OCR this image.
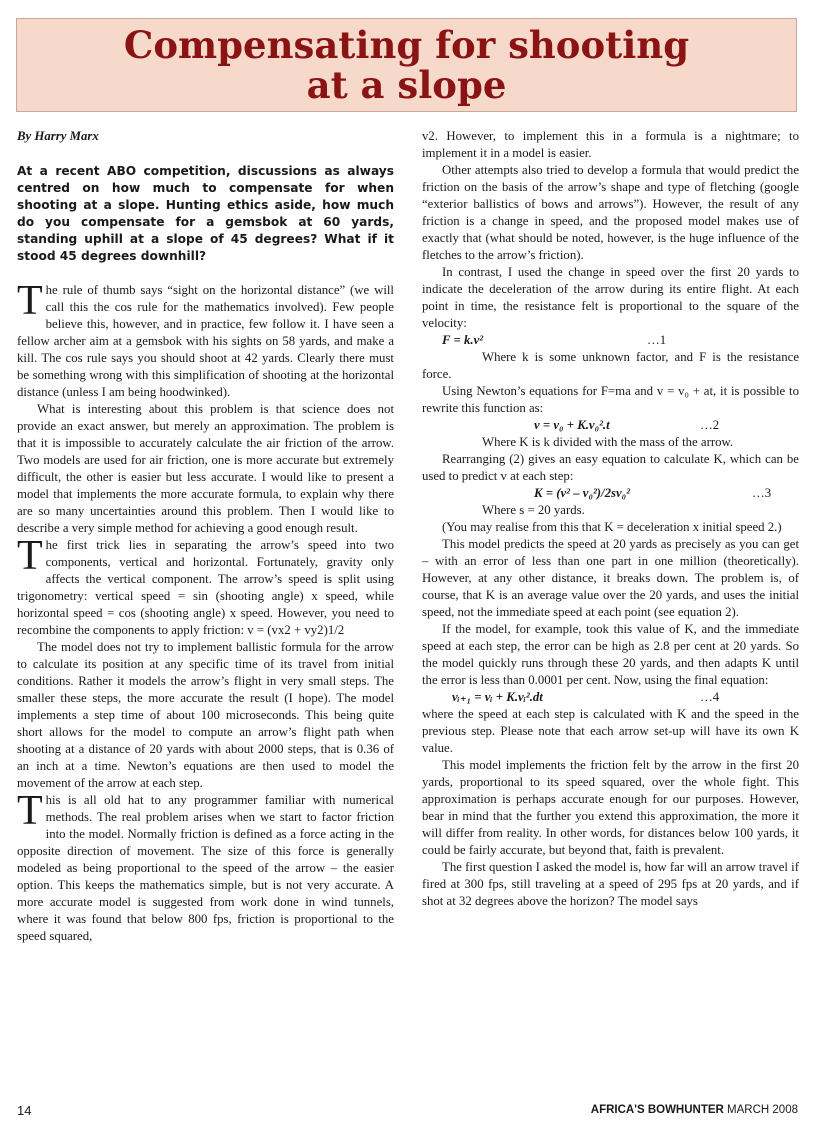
Compensating for shooting
at a slope

By Harry Marx

At a recent ABO competition, discussions as always centred on how much to compensate for when shooting at a slope. Hunting ethics aside, how much do you compensate for a gemsbok at 60 yards, standing uphill at a slope of 45 degrees? What if it stood 45 degrees downhill?

The rule of thumb says “sight on the horizontal distance” (we will call this the cos rule for the mathematics involved). Few people believe this, however, and in practice, few follow it. I have seen a fellow archer aim at a gemsbok with his sights on 58 yards, and make a kill. The cos rule says you should shoot at 42 yards. Clearly there must be something wrong with this simplification of shooting at the horizontal distance (unless I am being hoodwinked).

What is interesting about this problem is that science does not provide an exact answer, but merely an approximation. The problem is that it is impossible to accurately calculate the air friction of the arrow. Two models are used for air friction, one is more accurate but extremely difficult, the other is easier but less accurate. I would like to present a model that implements the more accurate formula, to explain why there are so many uncertainties around this problem. Then I would like to describe a very simple method for achieving a good enough result.

The first trick lies in separating the arrow’s speed into two components, vertical and horizontal. Fortunately, gravity only affects the vertical component. The arrow’s speed is split using trigonometry: vertical speed = sin (shooting angle) x speed, while horizontal speed = cos (shooting angle) x speed. However, you need to recombine the components to apply friction: v = (vx2 + vy2)1/2

The model does not try to implement ballistic formula for the arrow to calculate its position at any specific time of its travel from initial conditions. Rather it models the arrow’s flight in very small steps. The smaller these steps, the more accurate the result (I hope). The model implements a step time of about 100 microseconds. This being quite short allows for the model to compute an arrow’s flight path when shooting at a distance of 20 yards with about 2000 steps, that is 0.36 of an inch at a time. Newton’s equations are then used to model the movement of the arrow at each step.

This is all old hat to any programmer familiar with numerical methods. The real problem arises when we start to factor friction into the model. Normally friction is defined as a force acting in the opposite direction of movement. The size of this force is generally modeled as being proportional to the speed of the arrow – the easier option. This keeps the mathematics simple, but is not very accurate. A more accurate model is suggested from work done in wind tunnels, where it was found that below 800 fps, friction is proportional to the speed squared,

v2. However, to implement this in a formula is a nightmare; to implement it in a model is easier.

Other attempts also tried to develop a formula that would predict the friction on the basis of the arrow’s shape and type of fletching (google “exterior ballistics of bows and arrows”). However, the result of any friction is a change in speed, and the proposed model makes use of exactly that (what should be noted, however, is the huge influence of the fletches to the arrow’s friction).

In contrast, I used the change in speed over the first 20 yards to indicate the deceleration of the arrow during its entire flight. At each point in time, the resistance felt is proportional to the square of the velocity:

F = k.v²	…1

Where k is some unknown factor, and F is the resistance force.

Using Newton’s equations for F=ma and v = v₀ + at, it is possible to rewrite this function as:

v = v₀ + K.v₀².t	…2

Where K is k divided with the mass of the arrow.

Rearranging (2) gives an easy equation to calculate K, which can be used to predict v at each step:

K = (v² – v₀²)/2sv₀²	…3

Where s = 20 yards.

(You may realise from this that K = deceleration x initial speed 2.)

This model predicts the speed at 20 yards as precisely as you can get – with an error of less than one part in one million (theoretically). However, at any other distance, it breaks down. The problem is, of course, that K is an average value over the 20 yards, and uses the initial speed, not the immediate speed at each point (see equation 2).

If the model, for example, took this value of K, and the immediate speed at each step, the error can be high as 2.8 per cent at 20 yards. So the model quickly runs through these 20 yards, and then adapts K until the error is less than 0.0001 per cent. Now, using the final equation:

vᵢ₊₁ = vᵢ + K.vᵢ².dt	…4

where the speed at each step is calculated with K and the speed in the previous step. Please note that each arrow set-up will have its own K value.

This model implements the friction felt by the arrow in the first 20 yards, proportional to its speed squared, over the whole fight. This approximation is perhaps accurate enough for our purposes. However, bear in mind that the further you extend this approximation, the more it will differ from reality. In other words, for distances below 100 yards, it could be fairly accurate, but beyond that, faith is prevalent.

The first question I asked the model is, how far will an arrow travel if fired at 300 fps, still traveling at a speed of 295 fps at 20 yards, and if shot at 32 degrees above the horizon? The model says

14	AFRICA'S BOWHUNTER MARCH 2008
